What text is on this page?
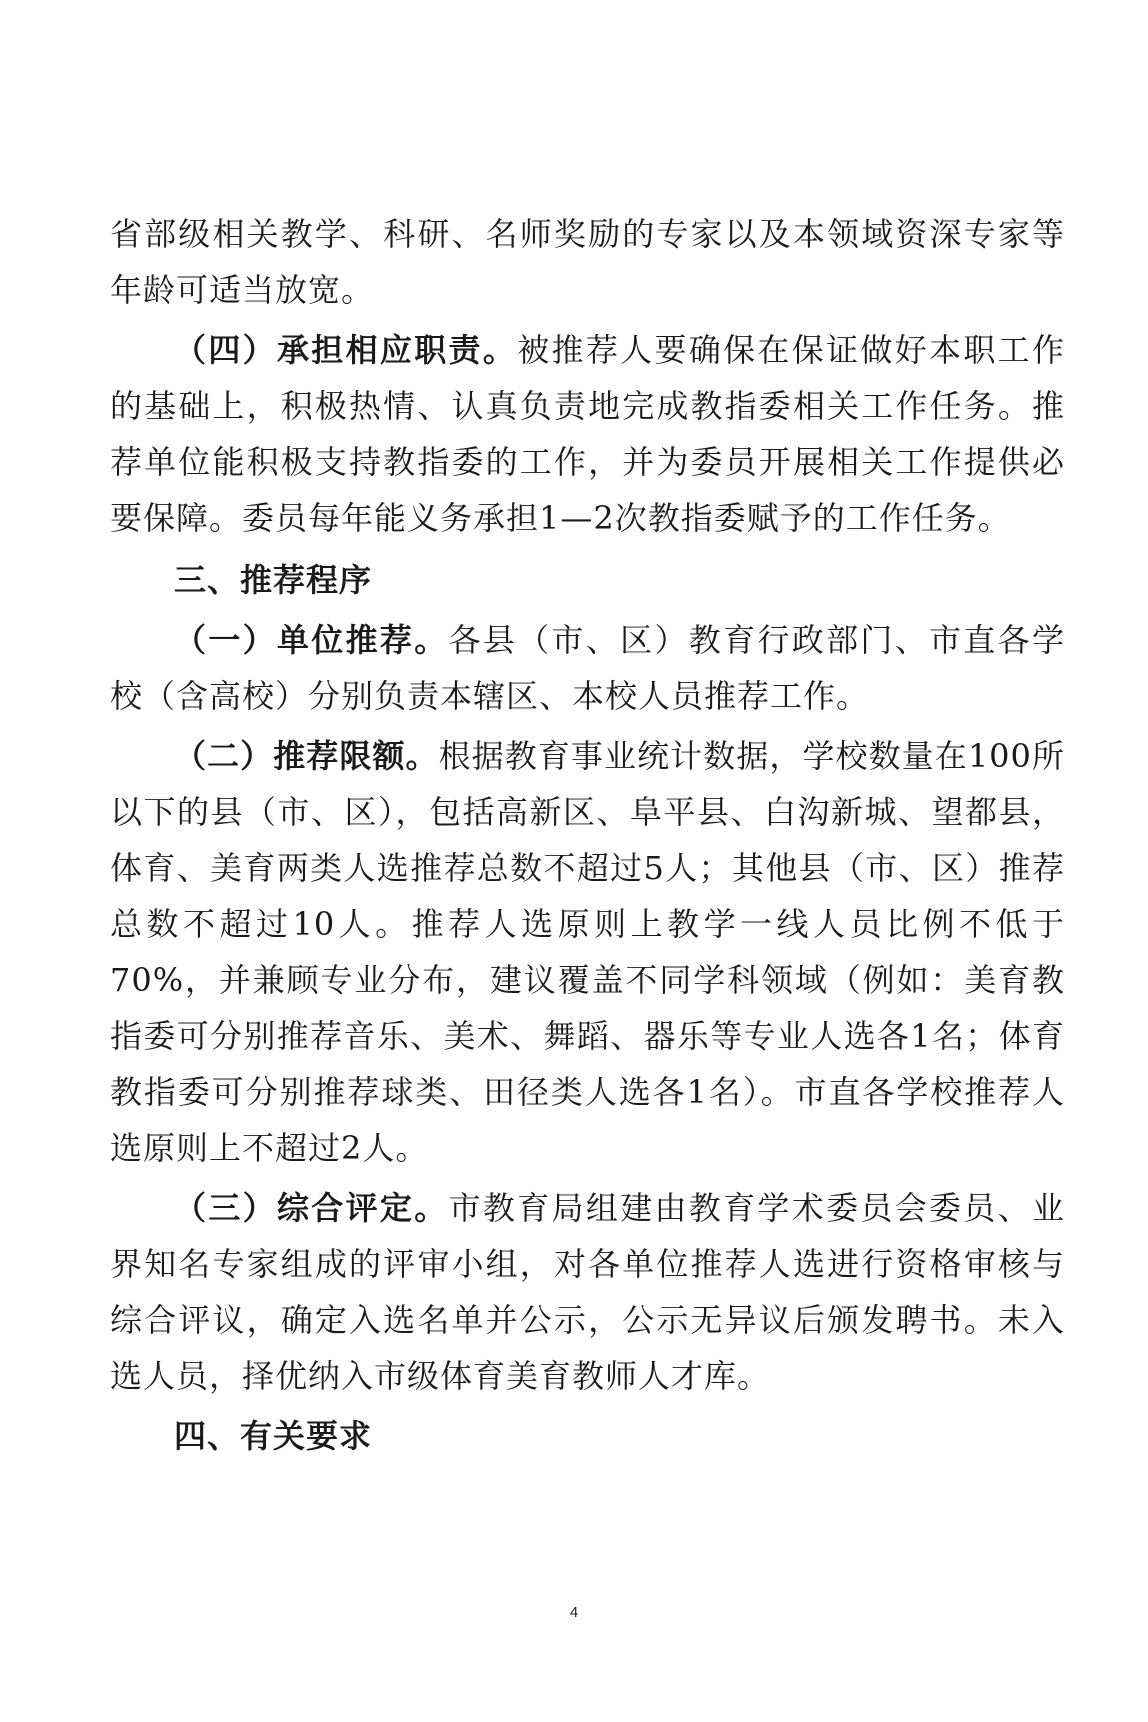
省部级相关教学、科研、名师奖励的专家以及本领域资深专家等年龄可适当放宽。

（四）承担相应职责。被推荐人要确保在保证做好本职工作的基础上，积极热情、认真负责地完成教指委相关工作任务。推荐单位能积极支持教指委的工作，并为委员开展相关工作提供必要保障。委员每年能义务承担1—2次教指委赋予的工作任务。

三、推荐程序

（一）单位推荐。各县（市、区）教育行政部门、市直各学校（含高校）分别负责本辖区、本校人员推荐工作。

（二）推荐限额。根据教育事业统计数据，学校数量在100所以下的县（市、区），包括高新区、阜平县、白沟新城、望都县，体育、美育两类人选推荐总数不超过5人；其他县（市、区）推荐总数不超过10人。推荐人选原则上教学一线人员比例不低于70%，并兼顾专业分布，建议覆盖不同学科领域（例如：美育教指委可分别推荐音乐、美术、舞蹈、器乐等专业人选各1名；体育教指委可分别推荐球类、田径类人选各1名）。市直各学校推荐人选原则上不超过2人。

（三）综合评定。市教育局组建由教育学术委员会委员、业界知名专家组成的评审小组，对各单位推荐人选进行资格审核与综合评议，确定入选名单并公示，公示无异议后颁发聘书。未入选人员，择优纳入市级体育美育教师人才库。

四、有关要求
4
